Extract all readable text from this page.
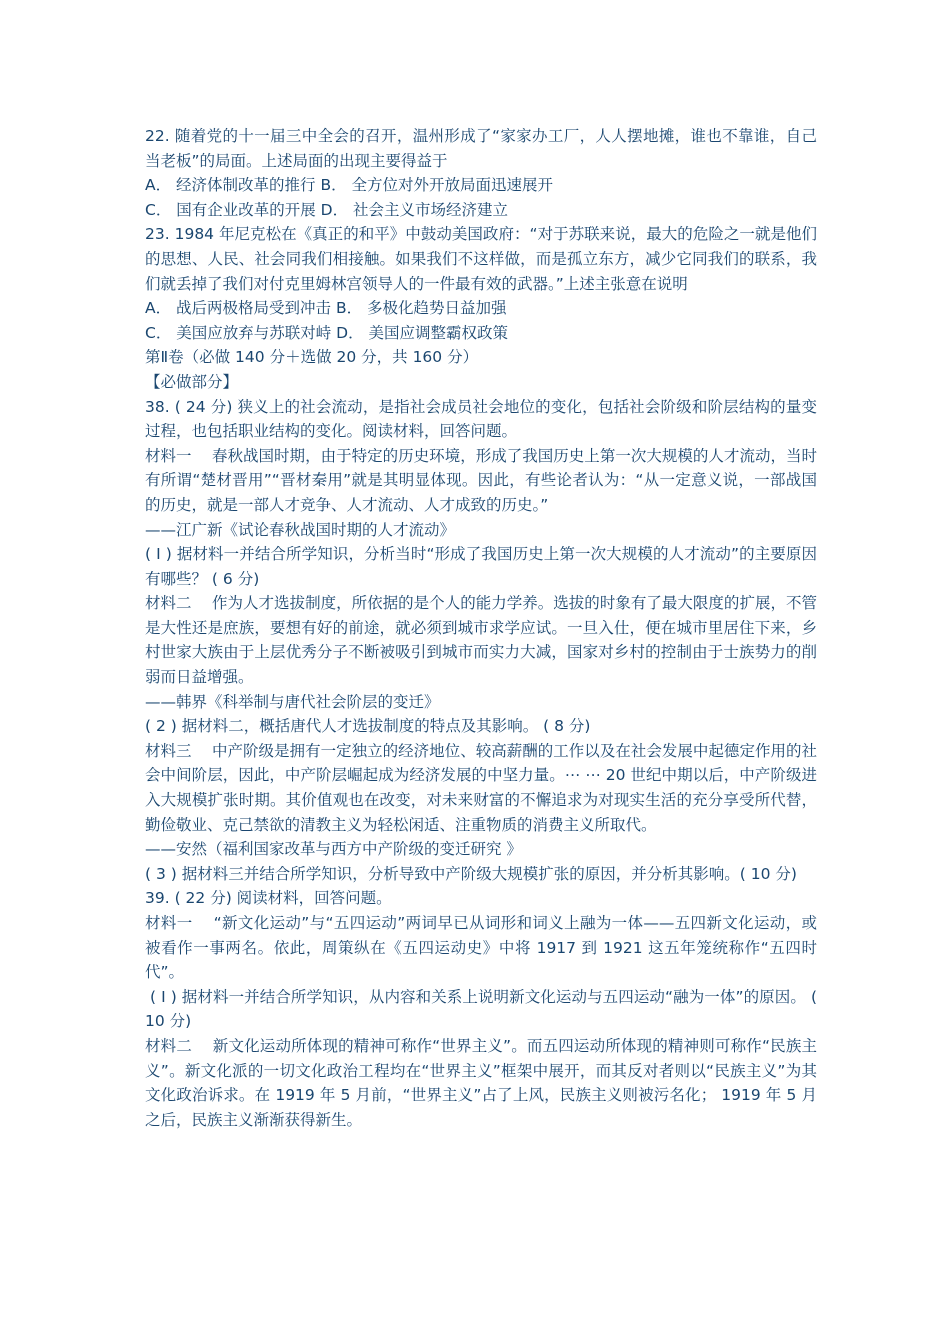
22. 随着党的十一届三中全会的召开，温州形成了“家家办工厂，人人摆地摊，谁也不靠谁，自己当老板”的局面。上述局面的出现主要得益于
A． 经济体制改革的推行 B． 全方位对外开放局面迅速展开
C． 国有企业改革的开展 D． 社会主义市场经济建立
23. 1984 年尼克松在《真正的和平》中鼓动美国政府：“对于苏联来说，最大的危险之一就是他们的思想、人民、社会同我们相接触。如果我们不这样做，而是孤立东方，减少它同我们的联系，我们就丢掉了我们对付克里姆林宫领导人的一件最有效的武器。”上述主张意在说明
A． 战后两极格局受到冲击 B． 多极化趋势日益加强
C． 美国应放弃与苏联对峙 D． 美国应调整霸权政策
第Ⅱ卷（必做 140 分＋选做 20 分，共 160 分）
【必做部分】
38. ( 24 分) 狭义上的社会流动，是指社会成员社会地位的变化，包括社会阶级和阶层结构的量变过程，也包括职业结构的变化。阅读材料，回答问题。
材料一　 春秋战国时期，由于特定的历史环境，形成了我国历史上第一次大规模的人才流动，当时有所谓“楚材晋用”“晋材秦用”就是其明显体现。因此，有些论者认为：“从一定意义说，一部战国的历史，就是一部人才竞争、人才流动、人才成致的历史。”
——江广新《试论春秋战国时期的人才流动》
( Ⅰ ) 据材料一并结合所学知识，分析当时“形成了我国历史上第一次大规模的人才流动”的主要原因有哪些？ ( 6 分)
材料二　 作为人才选拔制度，所依据的是个人的能力学养。选拔的时象有了最大限度的扩展，不管是大性还是庶族，要想有好的前途，就必须到城市求学应试。一旦入仕，便在城市里居住下来，乡村世家大族由于上层优秀分子不断被吸引到城市而实力大减，国家对乡村的控制由于士族势力的削弱而日益增强。
——韩界《科举制与唐代社会阶层的变迁》
( 2 ) 据材料二，概括唐代人才选拔制度的特点及其影响。 ( 8 分)
材料三　 中产阶级是拥有一定独立的经济地位、较高薪酬的工作以及在社会发展中起德定作用的社会中间阶层，因此，中产阶层崛起成为经济发展的中坚力量。⋯ ⋯ 20 世纪中期以后，中产阶级进入大规模扩张时期。其价值观也在改变，对未来财富的不懈追求为对现实生活的充分享受所代替，勤俭敬业、克己禁欲的清教主义为轻松闲适、注重物质的消费主义所取代。
——安然（福利国家改革与西方中产阶级的变迁研究 》
( 3 ) 据材料三并结合所学知识，分析导致中产阶级大规模扩张的原因，并分析其影响。( 10 分)
39. ( 22 分) 阅读材料，回答问题。
材料一　 “新文化运动”与“五四运动”两词早已从词形和词义上融为一体——五四新文化运动，或被看作一事两名。依此，周策纵在《五四运动史》中将 1917 到 1921 这五年笼统称作“五四时代”。
( Ⅰ ) 据材料一并结合所学知识，从内容和关系上说明新文化运动与五四运动“融为一体”的原因。 ( 10 分)
材料二　 新文化运动所体现的精神可称作“世界主义”。而五四运动所体现的精神则可称作“民族主义”。新文化派的一切文化政治工程均在“世界主义”框架中展开，而其反对者则以“民族主义”为其文化政治诉求。在 1919 年 5 月前，“世界主义”占了上风，民族主义则被污名化； 1919 年 5 月之后，民族主义渐渐获得新生。
